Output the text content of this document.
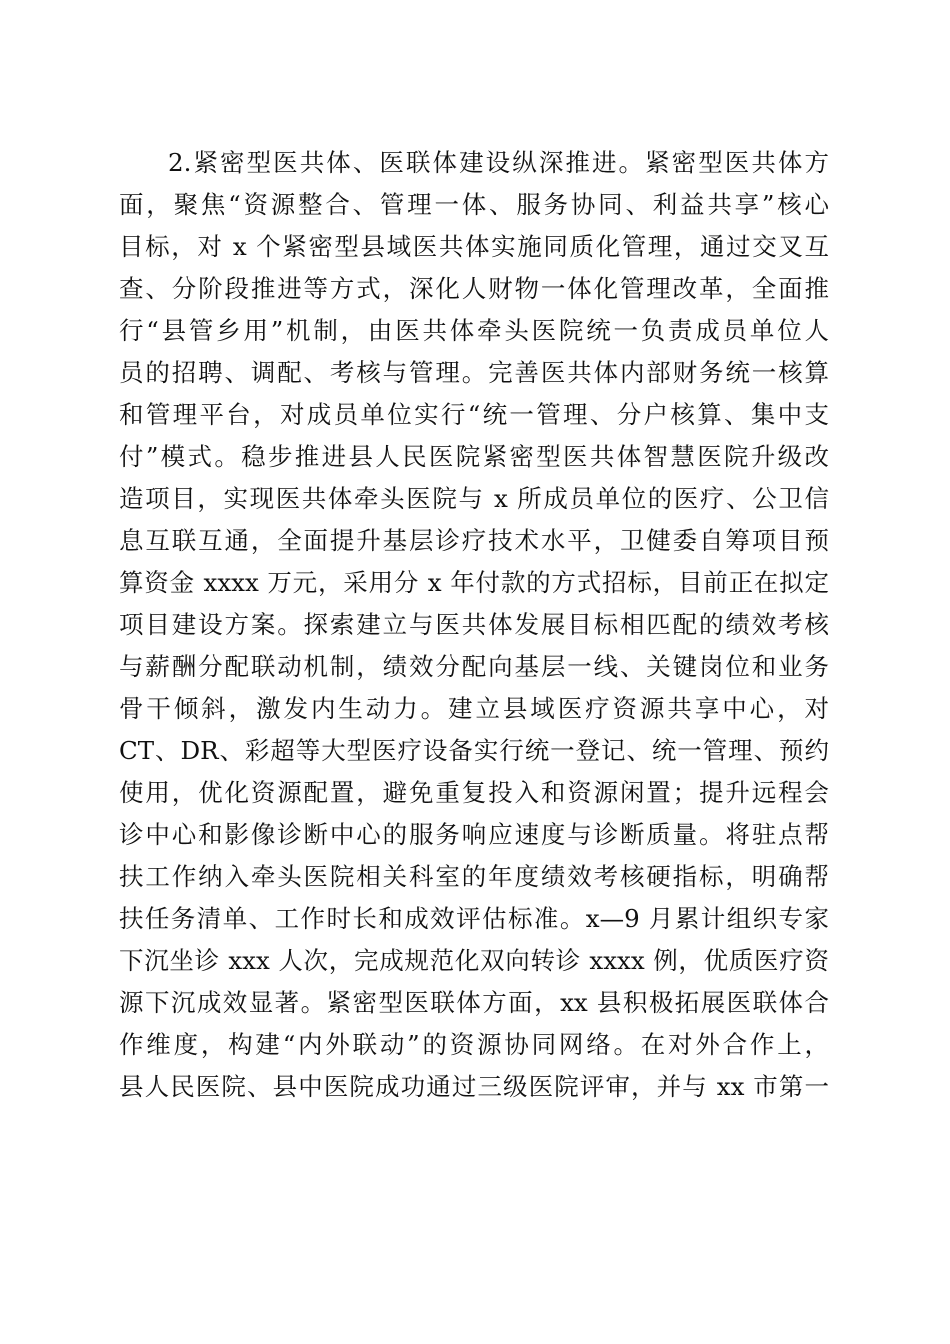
2.紧密型医共体、医联体建设纵深推进。紧密型医共体方
面，聚焦“资源整合、管理一体、服务协同、利益共享”核心
目标，对 x 个紧密型县域医共体实施同质化管理，通过交叉互
查、分阶段推进等方式，深化人财物一体化管理改革，全面推
行“县管乡用”机制，由医共体牵头医院统一负责成员单位人
员的招聘、调配、考核与管理。完善医共体内部财务统一核算
和管理平台，对成员单位实行“统一管理、分户核算、集中支
付”模式。稳步推进县人民医院紧密型医共体智慧医院升级改
造项目，实现医共体牵头医院与 x 所成员单位的医疗、公卫信
息互联互通，全面提升基层诊疗技术水平，卫健委自筹项目预
算资金 xxxx 万元，采用分 x 年付款的方式招标，目前正在拟定
项目建设方案。探索建立与医共体发展目标相匹配的绩效考核
与薪酬分配联动机制，绩效分配向基层一线、关键岗位和业务
骨干倾斜，激发内生动力。建立县域医疗资源共享中心，对
CT、DR、彩超等大型医疗设备实行统一登记、统一管理、预约
使用，优化资源配置，避免重复投入和资源闲置；提升远程会
诊中心和影像诊断中心的服务响应速度与诊断质量。将驻点帮
扶工作纳入牵头医院相关科室的年度绩效考核硬指标，明确帮
扶任务清单、工作时长和成效评估标准。x—9 月累计组织专家
下沉坐诊 xxx 人次，完成规范化双向转诊 xxxx 例，优质医疗资
源下沉成效显著。紧密型医联体方面，xx 县积极拓展医联体合
作维度，构建“内外联动”的资源协同网络。在对外合作上，
县人民医院、县中医院成功通过三级医院评审，并与 xx 市第一
